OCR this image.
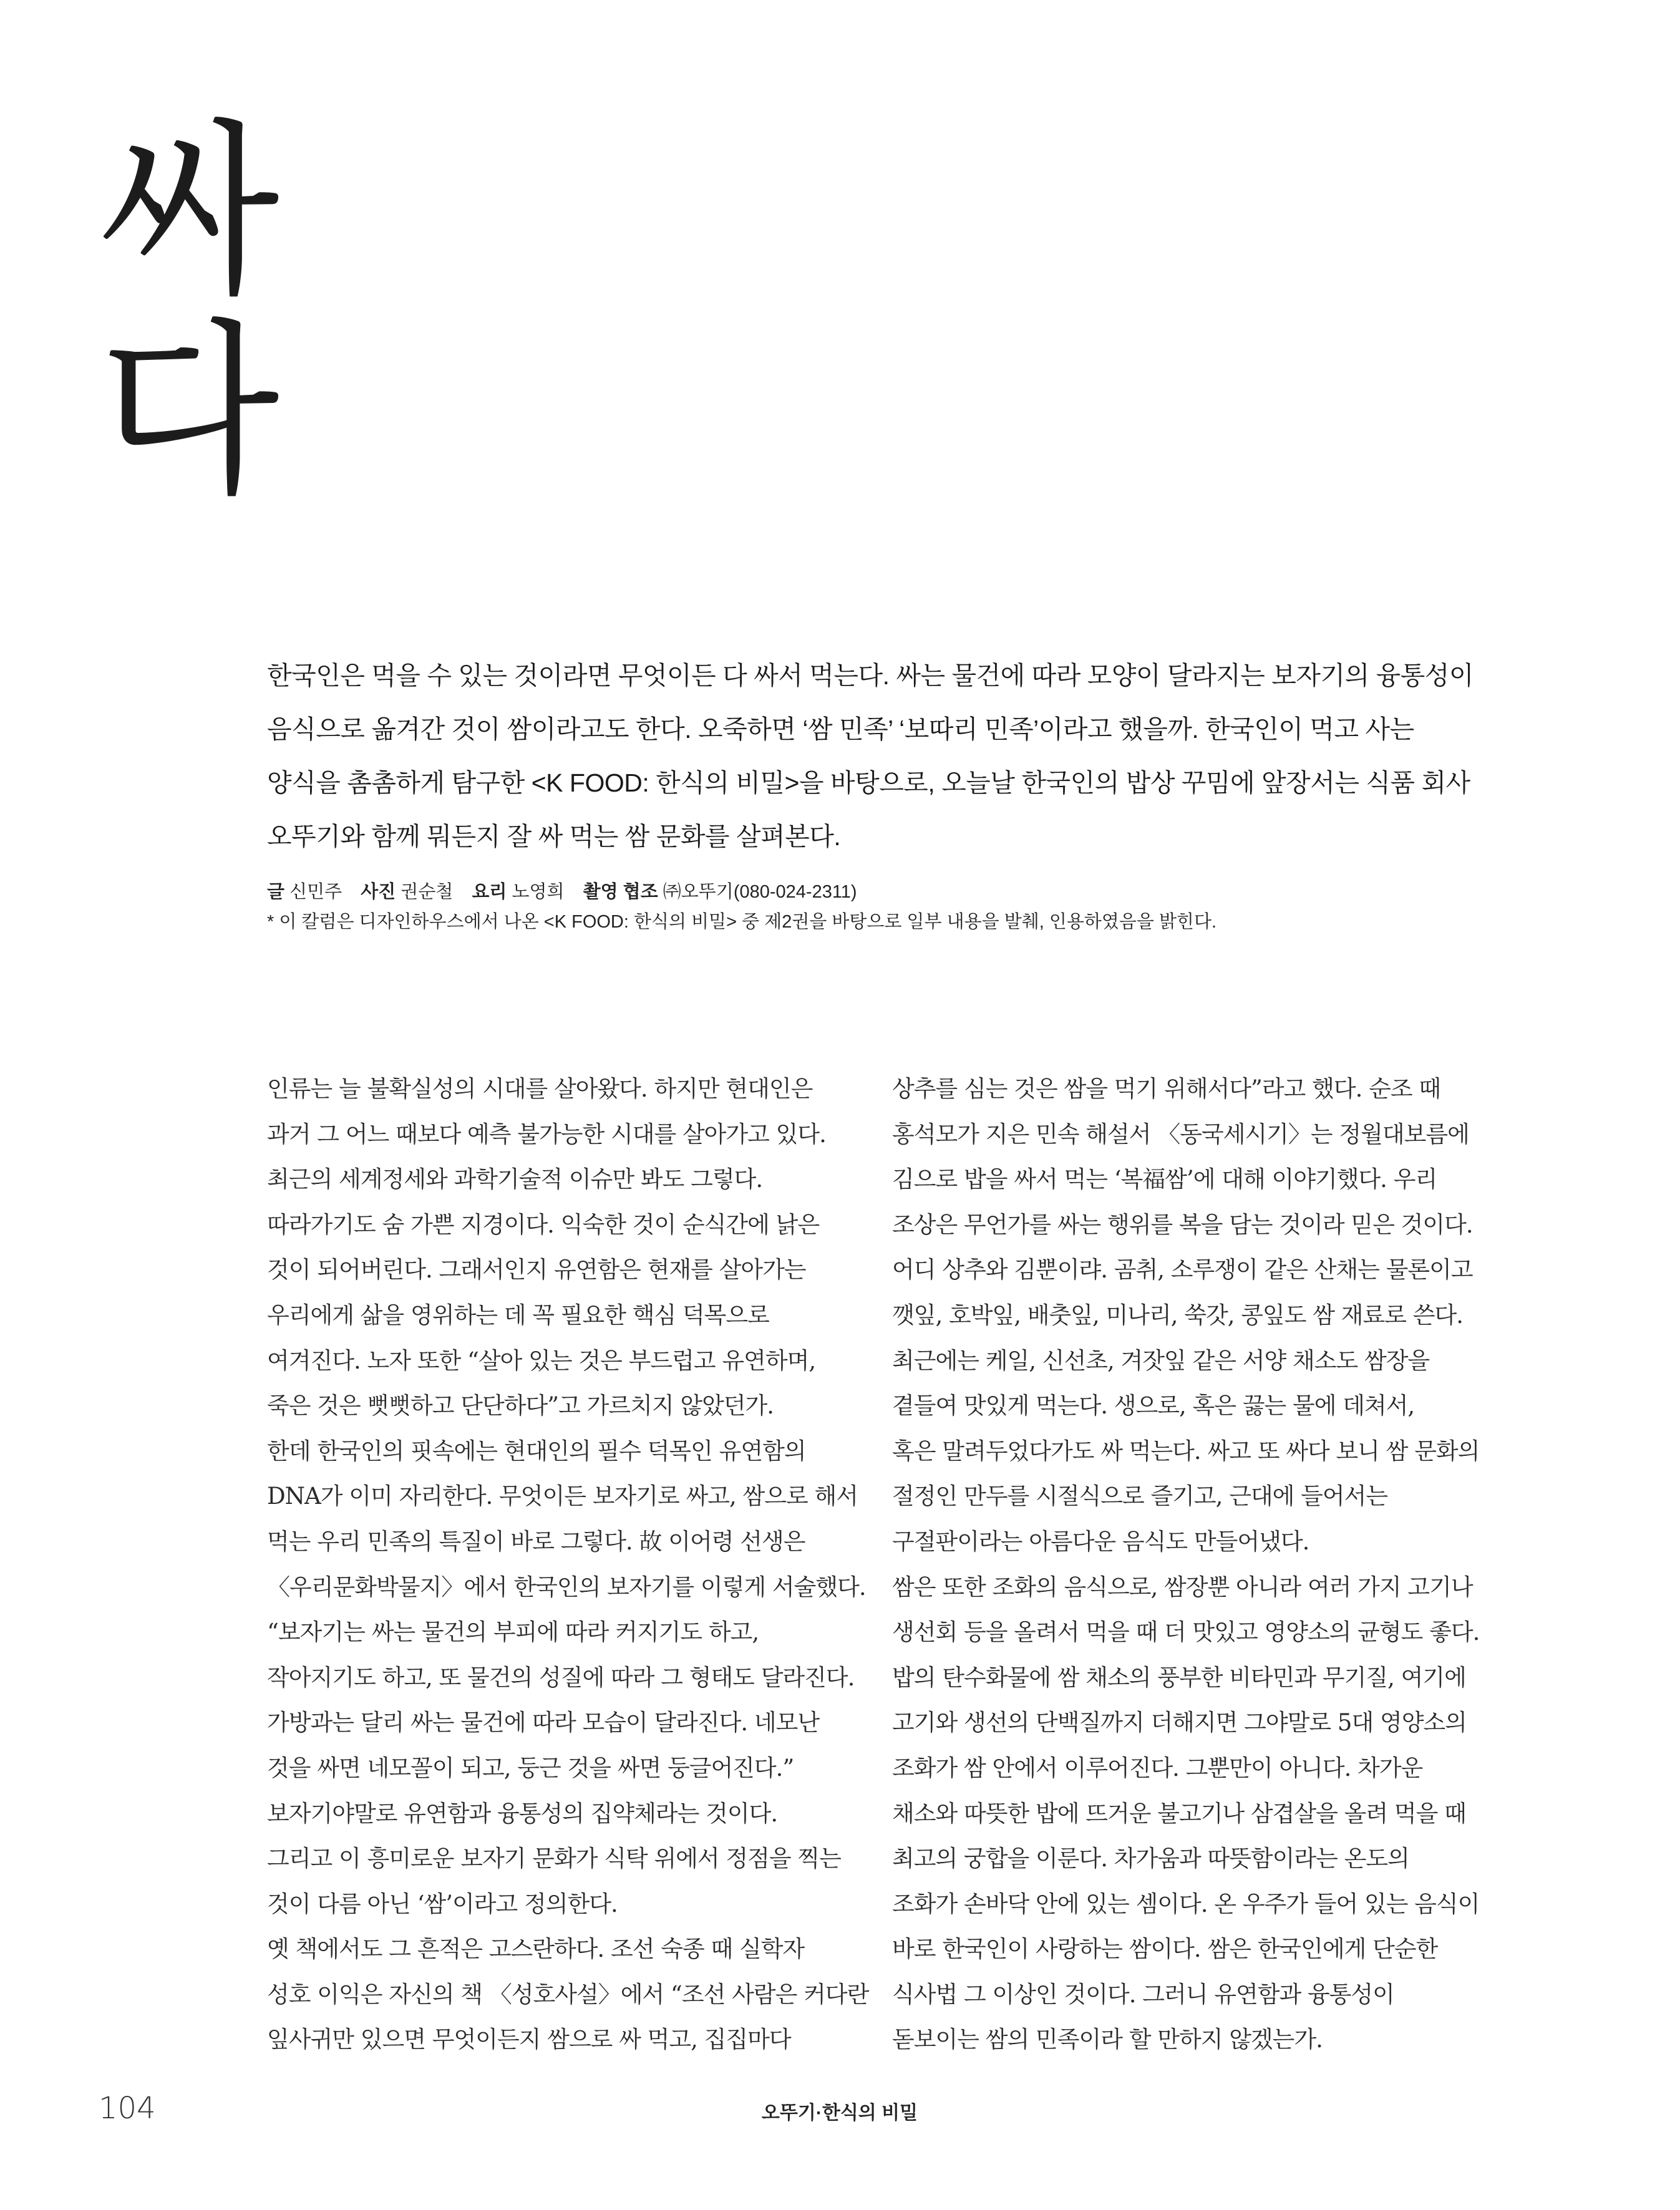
싸
다
한국인은 먹을 수 있는 것이라면 무엇이든 다 싸서 먹는다. 싸는 물건에 따라 모양이 달라지는 보자기의 융통성이
음식으로 옮겨간 것이 쌈이라고도 한다. 오죽하면 ‘쌈 민족’ ‘보따리 민족’이라고 했을까. 한국인이 먹고 사는
양식을 촘촘하게 탐구한 <K FOOD: 한식의 비밀>을 바탕으로, 오늘날 한국인의 밥상 꾸밈에 앞장서는 식품 회사
오뚜기와 함께 뭐든지 잘 싸 먹는 쌈 문화를 살펴본다.
글 신민주 사진 권순철 요리 노영희 촬영 협조 ㈜오뚜기(080-024-2311)
* 이 칼럼은 디자인하우스에서 나온 <K FOOD: 한식의 비밀> 중 제2권을 바탕으로 일부 내용을 발췌, 인용하였음을 밝힌다.
인류는 늘 불확실성의 시대를 살아왔다. 하지만 현대인은
과거 그 어느 때보다 예측 불가능한 시대를 살아가고 있다.
최근의 세계정세와 과학기술적 이슈만 봐도 그렇다.
따라가기도 숨 가쁜 지경이다. 익숙한 것이 순식간에 낡은
것이 되어버린다. 그래서인지 유연함은 현재를 살아가는
우리에게 삶을 영위하는 데 꼭 필요한 핵심 덕목으로
여겨진다. 노자 또한 “살아 있는 것은 부드럽고 유연하며,
죽은 것은 뻣뻣하고 단단하다”고 가르치지 않았던가.
한데 한국인의 핏속에는 현대인의 필수 덕목인 유연함의
DNA가 이미 자리한다. 무엇이든 보자기로 싸고, 쌈으로 해서
먹는 우리 민족의 특질이 바로 그렇다. 故 이어령 선생은
〈우리문화박물지〉에서 한국인의 보자기를 이렇게 서술했다.
“보자기는 싸는 물건의 부피에 따라 커지기도 하고,
작아지기도 하고, 또 물건의 성질에 따라 그 형태도 달라진다.
가방과는 달리 싸는 물건에 따라 모습이 달라진다. 네모난
것을 싸면 네모꼴이 되고, 둥근 것을 싸면 둥글어진다.”
보자기야말로 유연함과 융통성의 집약체라는 것이다.
그리고 이 흥미로운 보자기 문화가 식탁 위에서 정점을 찍는
것이 다름 아닌 ‘쌈’이라고 정의한다.
옛 책에서도 그 흔적은 고스란하다. 조선 숙종 때 실학자
성호 이익은 자신의 책 〈성호사설〉에서 “조선 사람은 커다란
잎사귀만 있으면 무엇이든지 쌈으로 싸 먹고, 집집마다
상추를 심는 것은 쌈을 먹기 위해서다”라고 했다. 순조 때
홍석모가 지은 민속 해설서 〈동국세시기〉는 정월대보름에
김으로 밥을 싸서 먹는 ‘복福쌈’에 대해 이야기했다. 우리
조상은 무언가를 싸는 행위를 복을 담는 것이라 믿은 것이다.
어디 상추와 김뿐이랴. 곰취, 소루쟁이 같은 산채는 물론이고
깻잎, 호박잎, 배춧잎, 미나리, 쑥갓, 콩잎도 쌈 재료로 쓴다.
최근에는 케일, 신선초, 겨잣잎 같은 서양 채소도 쌈장을
곁들여 맛있게 먹는다. 생으로, 혹은 끓는 물에 데쳐서,
혹은 말려두었다가도 싸 먹는다. 싸고 또 싸다 보니 쌈 문화의
절정인 만두를 시절식으로 즐기고, 근대에 들어서는
구절판이라는 아름다운 음식도 만들어냈다.
쌈은 또한 조화의 음식으로, 쌈장뿐 아니라 여러 가지 고기나
생선회 등을 올려서 먹을 때 더 맛있고 영양소의 균형도 좋다.
밥의 탄수화물에 쌈 채소의 풍부한 비타민과 무기질, 여기에
고기와 생선의 단백질까지 더해지면 그야말로 5대 영양소의
조화가 쌈 안에서 이루어진다. 그뿐만이 아니다. 차가운
채소와 따뜻한 밥에 뜨거운 불고기나 삼겹살을 올려 먹을 때
최고의 궁합을 이룬다. 차가움과 따뜻함이라는 온도의
조화가 손바닥 안에 있는 셈이다. 온 우주가 들어 있는 음식이
바로 한국인이 사랑하는 쌈이다. 쌈은 한국인에게 단순한
식사법 그 이상인 것이다. 그러니 유연함과 융통성이
돋보이는 쌈의 민족이라 할 만하지 않겠는가.
104	오뚜기·한식의 비밀
